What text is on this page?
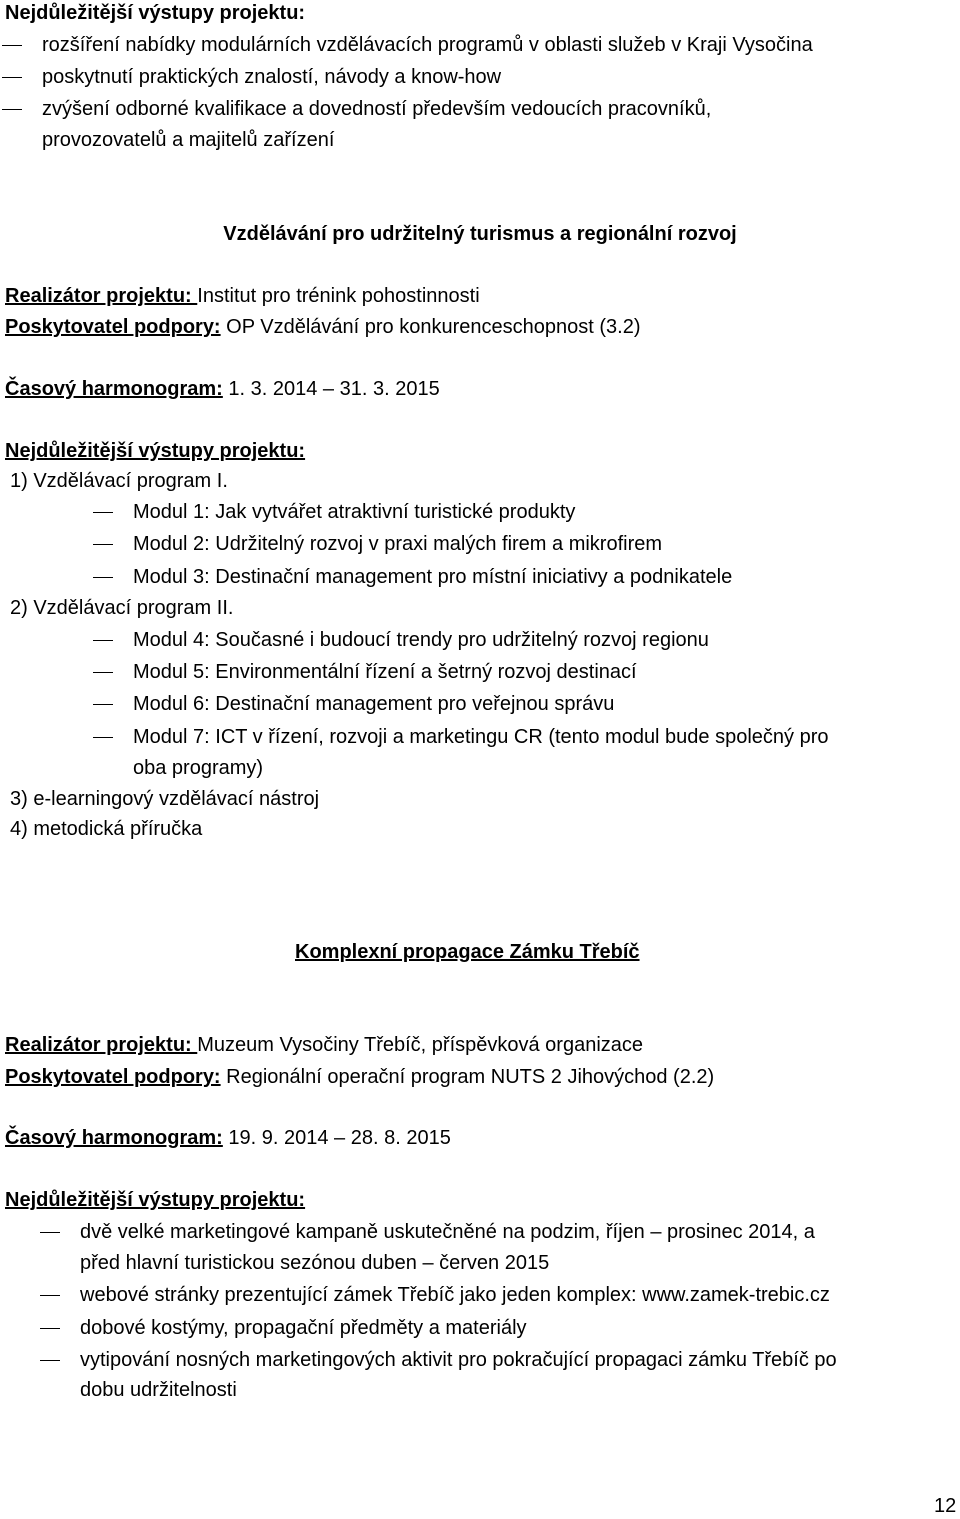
Nejdůležitější výstupy projektu:
rozšíření nabídky modulárních vzdělávacích programů v oblasti služeb v Kraji Vysočina
poskytnutí praktických znalostí, návody a know-how
zvýšení odborné kvalifikace a dovedností především vedoucích pracovníků,
provozovatelů a majitelů zařízení
Vzdělávání pro udržitelný turismus a regionální rozvoj
Realizátor projektu: Institut pro trénink pohostinnosti
Poskytovatel podpory: OP Vzdělávání pro konkurenceschopnost (3.2)
Časový harmonogram: 1. 3. 2014 – 31. 3. 2015
Nejdůležitější výstupy projektu:
1) Vzdělávací program I.
Modul 1: Jak vytvářet atraktivní turistické produkty
Modul 2: Udržitelný rozvoj v praxi malých firem a mikrofirem
Modul 3: Destinační management pro místní iniciativy a podnikatele
2) Vzdělávací program II.
Modul 4: Současné i budoucí trendy pro udržitelný rozvoj regionu
Modul 5: Environmentální řízení a šetrný rozvoj destinací
Modul 6: Destinační management pro veřejnou správu
Modul 7: ICT v řízení, rozvoji a marketingu CR (tento modul bude společný pro
oba programy)
3) e-learningový vzdělávací nástroj
4) metodická příručka
Komplexní propagace Zámku Třebíč
Realizátor projektu: Muzeum Vysočiny Třebíč, příspěvková organizace
Poskytovatel podpory: Regionální operační program NUTS 2 Jihovýchod (2.2)
Časový harmonogram: 19. 9. 2014 – 28. 8. 2015
Nejdůležitější výstupy projektu:
dvě velké marketingové kampaně uskutečněné na podzim, říjen – prosinec 2014, a
před hlavní turistickou sezónou duben – červen 2015
webové stránky prezentující zámek Třebíč jako jeden komplex: www.zamek-trebic.cz
dobové kostýmy, propagační předměty a materiály
vytipování nosných marketingových aktivit pro pokračující propagaci zámku Třebíč po
dobu udržitelnosti
12
